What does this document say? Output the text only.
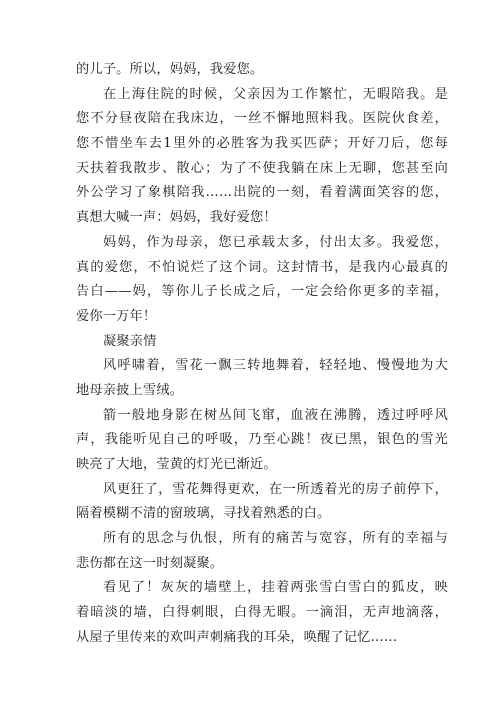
的儿子。所以，妈妈，我爱您。
在上海住院的时候，父亲因为工作繁忙，无暇陪我。是
您不分昼夜陪在我床边，一丝不懈地照料我。医院伙食差，
您不惜坐车去1里外的必胜客为我买匹萨；开好刀后，您每
天扶着我散步、散心；为了不使我躺在床上无聊，您甚至向
外公学习了象棋陪我……出院的一刻，看着满面笑容的您，
真想大喊一声：妈妈，我好爱您！
妈妈，作为母亲，您已承载太多，付出太多。我爱您，
真的爱您，不怕说烂了这个词。这封情书，是我内心最真的
告白——妈，等你儿子长成之后，一定会给你更多的幸福，
爱你一万年！
凝聚亲情
风呼啸着，雪花一飘三转地舞着，轻轻地、慢慢地为大
地母亲披上雪绒。
箭一般地身影在树丛间飞窜，血液在沸腾，透过呼呼风
声，我能听见自己的呼吸，乃至心跳！夜已黑，银色的雪光
映亮了大地，莹黄的灯光已渐近。
风更狂了，雪花舞得更欢，在一所透着光的房子前停下，
隔着模糊不清的窗玻璃，寻找着熟悉的白。
所有的思念与仇恨，所有的痛苦与宽容，所有的幸福与
悲伤都在这一时刻凝聚。
看见了！灰灰的墙壁上，挂着两张雪白雪白的狐皮，映
着暗淡的墙，白得刺眼，白得无暇。一滴泪，无声地滴落，
从屋子里传来的欢叫声刺痛我的耳朵，唤醒了记忆……
